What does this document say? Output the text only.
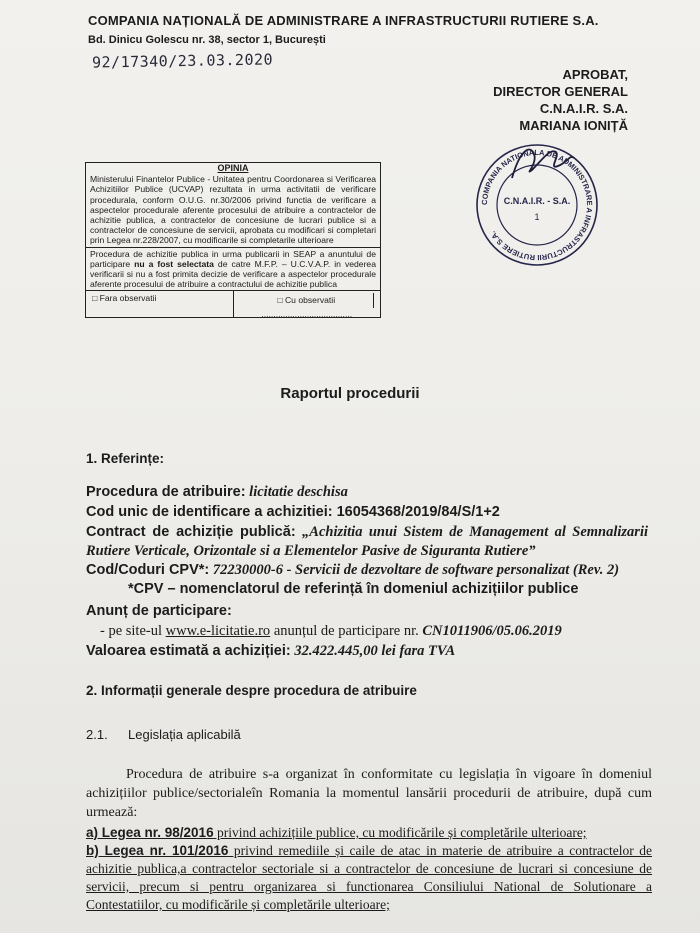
COMPANIA NAȚIONALĂ DE ADMINISTRARE A INFRASTRUCTURII RUTIERE S.A.
Bd. Dinicu Golescu nr. 38, sector 1, București
92/17340/23.03.2020
APROBAT,
DIRECTOR GENERAL
C.N.A.I.R. S.A.
MARIANA IONIȚĂ
COMPANIA NATIONALA DE ADMINISTRARE A INFRASTRUCTURII RUTIERE S.A.
C.N.A.I.R. - S.A.
1
OPINIA
Ministerului Finantelor Publice - Unitatea pentru Coordonarea si Verificarea Achizitiilor Publice (UCVAP) rezultata in urma activitatii de verificare procedurala, conform O.U.G. nr.30/2006 privind functia de verificare a aspectelor procedurale aferente procesului de atribuire a contractelor de achizitie publica, a contractelor de concesiune de lucrari publice si a contractelor de concesiune de servicii, aprobata cu modificari si completari prin Legea nr.228/2007, cu modificarile si completarile ulterioare
Procedura de achizitie publica in urma publicarii in SEAP a anuntului de participare nu a fost selectata de catre M.F.P. – U.C.V.A.P. in vederea verificarii si nu a fost primita decizie de verificare a aspectelor procedurale aferente procesului de atribuire a contractului de achizitie publica
□ Fara observatii	□ Cu observatii
......................................
Raportul procedurii
1. Referințe:
Procedura de atribuire: licitatie deschisa
Cod unic de identificare a achizitiei: 16054368/2019/84/S/1+2
Contract de achiziție publică: „Achizitia unui Sistem de Management al Semnalizarii Rutiere Verticale, Orizontale si a Elementelor Pasive de Siguranta Rutiere”
Cod/Coduri CPV*: 72230000-6 - Servicii de dezvoltare de software personalizat (Rev. 2)
*CPV – nomenclatorul de referință în domeniul achizițiilor publice
Anunț de participare:
- pe site-ul www.e-licitatie.ro anunțul de participare nr. CN1011906/05.06.2019
Valoarea estimată a achiziției: 32.422.445,00 lei fara TVA
2. Informații generale despre procedura de atribuire
2.1. Legislația aplicabilă
Procedura de atribuire s-a organizat în conformitate cu legislația în vigoare în domeniul achizițiilor publice/sectorialeîn Romania la momentul lansării procedurii de atribuire, după cum urmează:
a) Legea nr. 98/2016 privind achizițiile publice, cu modificările și completările ulterioare;
b) Legea nr. 101/2016 privind remediile și caile de atac in materie de atribuire a contractelor de achizitie publica,a contractelor sectoriale si a contractelor de concesiune de lucrari si concesiune de servicii, precum si pentru organizarea si functionarea Consiliului National de Solutionare a Contestatiilor, cu modificările și completările ulterioare;
